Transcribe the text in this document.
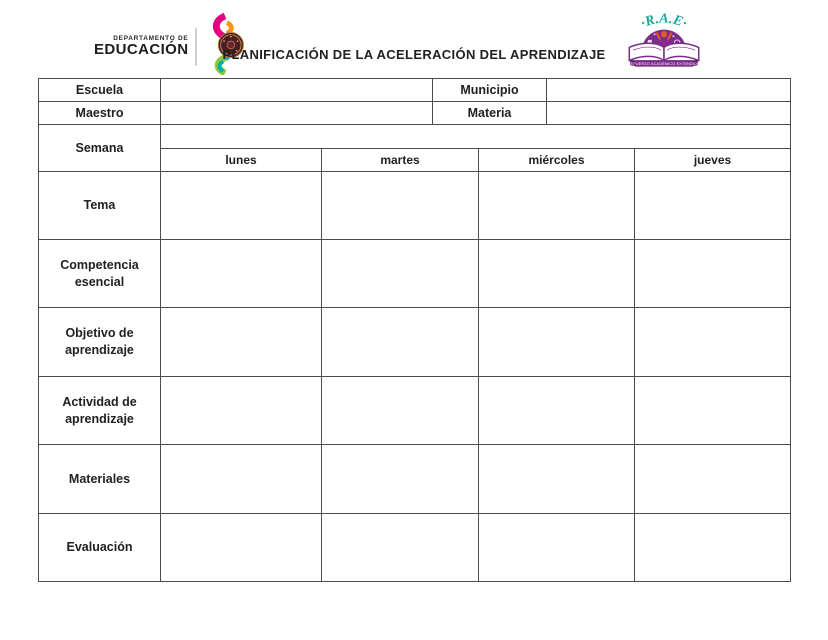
DEPARTAMENTO DE
EDUCACIÓN	PLANIFICACIÓN DE LA ACELERACIÓN DEL APRENDIZAJE
·R.A.E·
REFUERZO ACADÉMICO EXTENDIDO
Escuela			Municipio			
Maestro			Materia			
Semana						
	lunes	martes		miércoles		jueves
Tema						
Competencia esencial						
Objetivo de aprendizaje						
Actividad de aprendizaje						
Materiales						
Evaluación						
